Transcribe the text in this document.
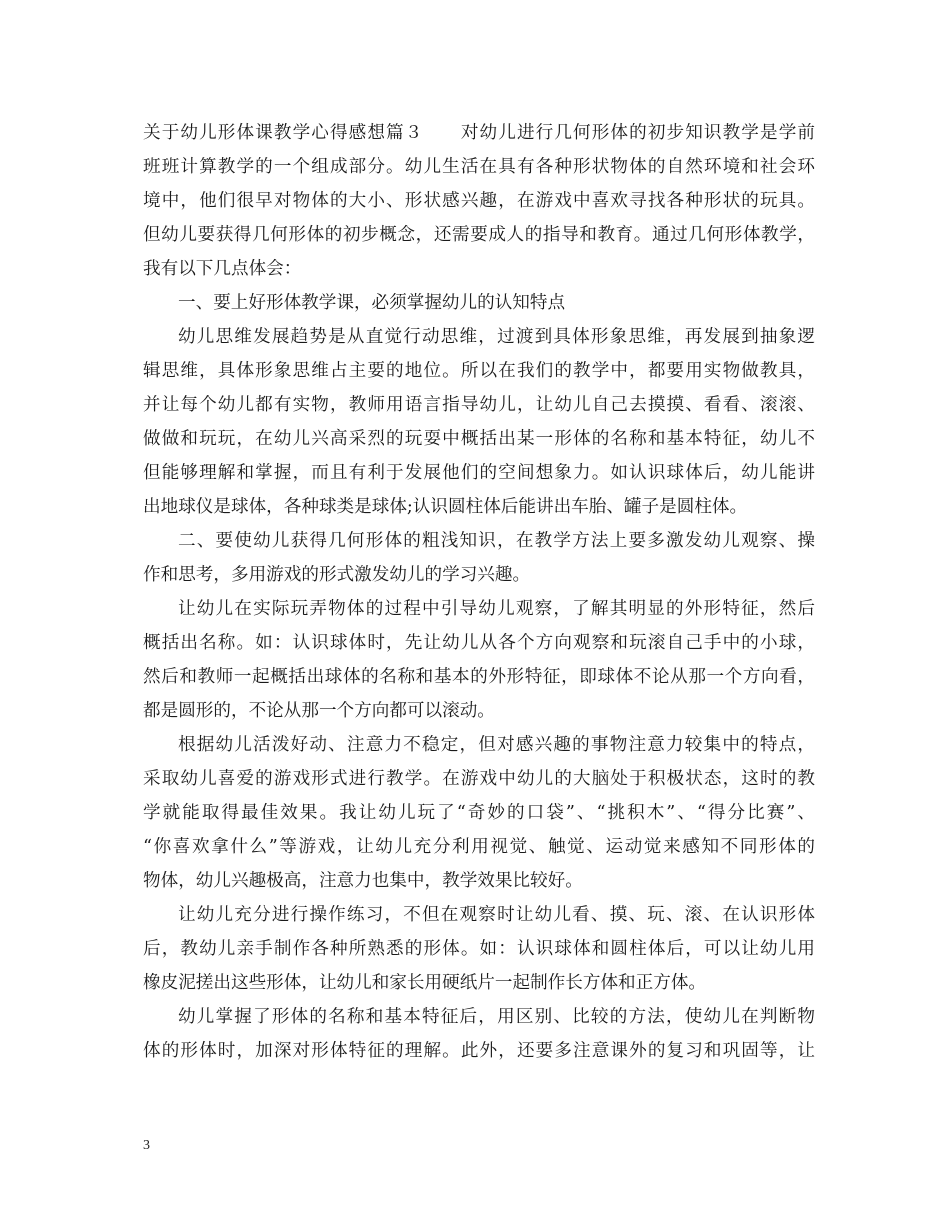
关于幼儿形体课教学心得感想篇３　　对幼儿进行几何形体的初步知识教学是学前
班班计算教学的一个组成部分。幼儿生活在具有各种形状物体的自然环境和社会环
境中，他们很早对物体的大小、形状感兴趣，在游戏中喜欢寻找各种形状的玩具。
但幼儿要获得几何形体的初步概念，还需要成人的指导和教育。通过几何形体教学，
我有以下几点体会：
一、要上好形体教学课，必须掌握幼儿的认知特点
幼儿思维发展趋势是从直觉行动思维，过渡到具体形象思维，再发展到抽象逻
辑思维，具体形象思维占主要的地位。所以在我们的教学中，都要用实物做教具，
并让每个幼儿都有实物，教师用语言指导幼儿，让幼儿自己去摸摸、看看、滚滚、
做做和玩玩，在幼儿兴高采烈的玩耍中概括出某一形体的名称和基本特征，幼儿不
但能够理解和掌握，而且有利于发展他们的空间想象力。如认识球体后，幼儿能讲
出地球仪是球体，各种球类是球体;认识圆柱体后能讲出车胎、罐子是圆柱体。
二、要使幼儿获得几何形体的粗浅知识，在教学方法上要多激发幼儿观察、操
作和思考，多用游戏的形式激发幼儿的学习兴趣。
让幼儿在实际玩弄物体的过程中引导幼儿观察，了解其明显的外形特征，然后
概括出名称。如：认识球体时，先让幼儿从各个方向观察和玩滚自己手中的小球，
然后和教师一起概括出球体的名称和基本的外形特征，即球体不论从那一个方向看，
都是圆形的，不论从那一个方向都可以滚动。
根据幼儿活泼好动、注意力不稳定，但对感兴趣的事物注意力较集中的特点，
采取幼儿喜爱的游戏形式进行教学。在游戏中幼儿的大脑处于积极状态，这时的教
学就能取得最佳效果。我让幼儿玩了“奇妙的口袋”、“挑积木”、“得分比赛”、
“你喜欢拿什么”等游戏，让幼儿充分利用视觉、触觉、运动觉来感知不同形体的
物体，幼儿兴趣极高，注意力也集中，教学效果比较好。
让幼儿充分进行操作练习，不但在观察时让幼儿看、摸、玩、滚、在认识形体
后，教幼儿亲手制作各种所熟悉的形体。如：认识球体和圆柱体后，可以让幼儿用
橡皮泥搓出这些形体，让幼儿和家长用硬纸片一起制作长方体和正方体。
幼儿掌握了形体的名称和基本特征后，用区别、比较的方法，使幼儿在判断物
体的形体时，加深对形体特征的理解。此外，还要多注意课外的复习和巩固等，让
3
